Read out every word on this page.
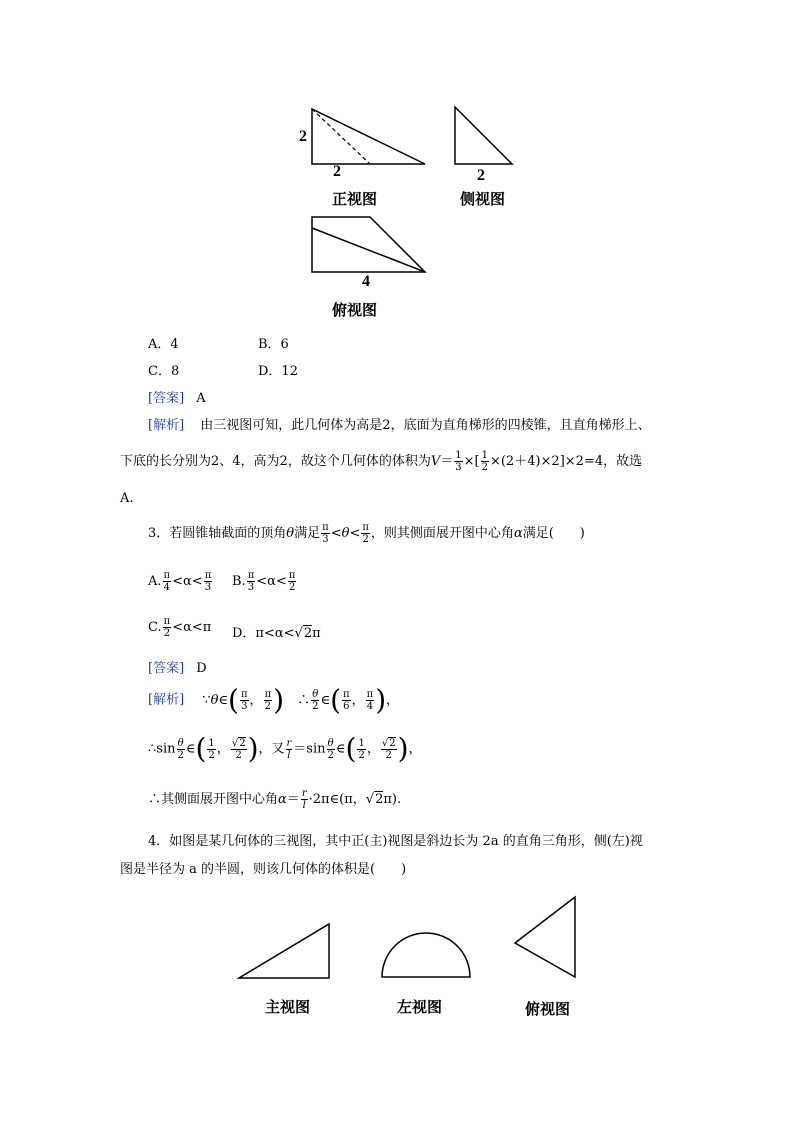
2
2
正视图
2
侧视图
4
俯视图
A．4	B．6
C．8	D．12
[答案] A
[解析] 由三视图可知，此几何体为高是2，底面为直角梯形的四棱锥，且直角梯形上、
下底的长分别为2、4，高为2，故这个几何体的体积为$V= \frac{1}{3}$ ×[ $\frac{1}{2} \times(2+4)\times 2]\times 2=4$，故选
A.
3．若圆锥轴截面的顶角θ满足 $\frac{\pi}{3} <\theta< \frac{\pi}{2}$ ，则其侧面展开图中心角α满足(　　)
A. $\frac{\pi}{4} <\alpha< \frac{\pi}{3} B$. $\frac{\pi}{3} <\alpha< \frac{\pi}{2}$
C. $\frac{\pi}{2} <\alpha<\pi$ D．π<α<√2π
[答案] D
[解析] ∵θ∈( $\frac{\pi}{3}$ ， $\frac{\pi}{2}$ )　∴ $\frac{\theta}{2}$ ∈( $\frac{\pi}{6}$ ， $\frac{\pi}{4}$ )，
∴sin $\frac{\theta}{2}$ ∈( $\frac{1}{2}$ ， $\frac{√2}{2}$ )，又 $\frac{r}{l} =\sin \frac{\theta}{2}$ ∈( $\frac{1}{2}$ ， $\frac{√2}{2}$ )，
∴其侧面展开图中心角$\alpha= \frac{r}{l}$ ·2π∈(π，√2π).
4．如图是某几何体的三视图，其中正(主)视图是斜边长为 2a 的直角三角形，侧(左)视
图是半径为 a 的半圆，则该几何体的体积是(　　)
主视图	左视图	俯视图
